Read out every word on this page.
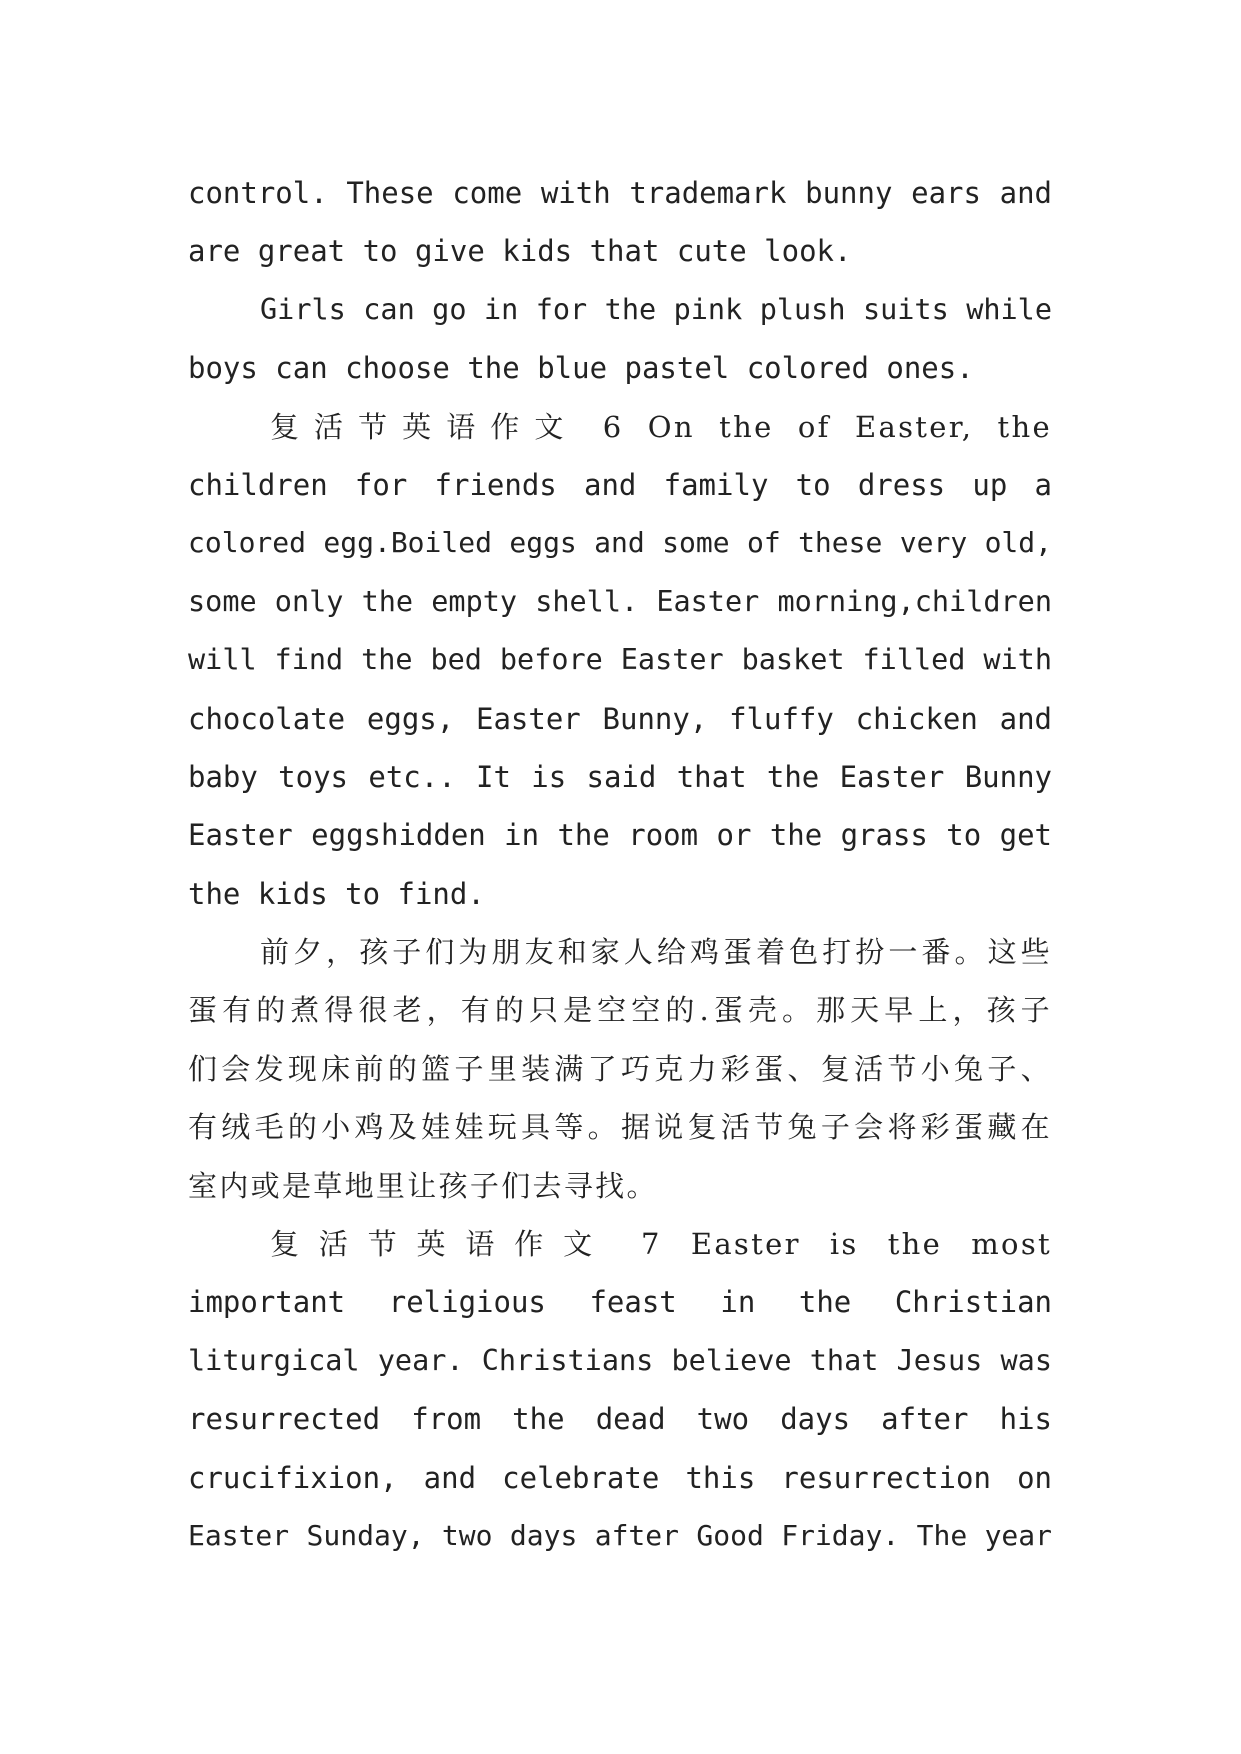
control. These come with trademark bunny ears and
are great to give kids that cute look.
Girls can go in for the pink plush suits while
boys can choose the blue pastel colored ones.
复活节英语作文 6 On the of Easter, the
children for friends and family to dress up a
colored egg.Boiled eggs and some of these very old,
some only the empty shell. Easter morning,children
will find the bed before Easter basket filled with
chocolate eggs, Easter Bunny, fluffy chicken and
baby toys etc.. It is said that the Easter Bunny
Easter eggshidden in the room or the grass to get
the kids to find.
前夕，孩子们为朋友和家人给鸡蛋着色打扮一番。这些
蛋有的煮得很老，有的只是空空的.蛋壳。那天早上，孩子
们会发现床前的篮子里装满了巧克力彩蛋、复活节小兔子、
有绒毛的小鸡及娃娃玩具等。据说复活节兔子会将彩蛋藏在
室内或是草地里让孩子们去寻找。
复活节英语作文 7 Easter is the most
important religious feast in the Christian
liturgical year. Christians believe that Jesus was
resurrected from the dead two days after his
crucifixion, and celebrate this resurrection on
Easter Sunday, two days after Good Friday. The year
